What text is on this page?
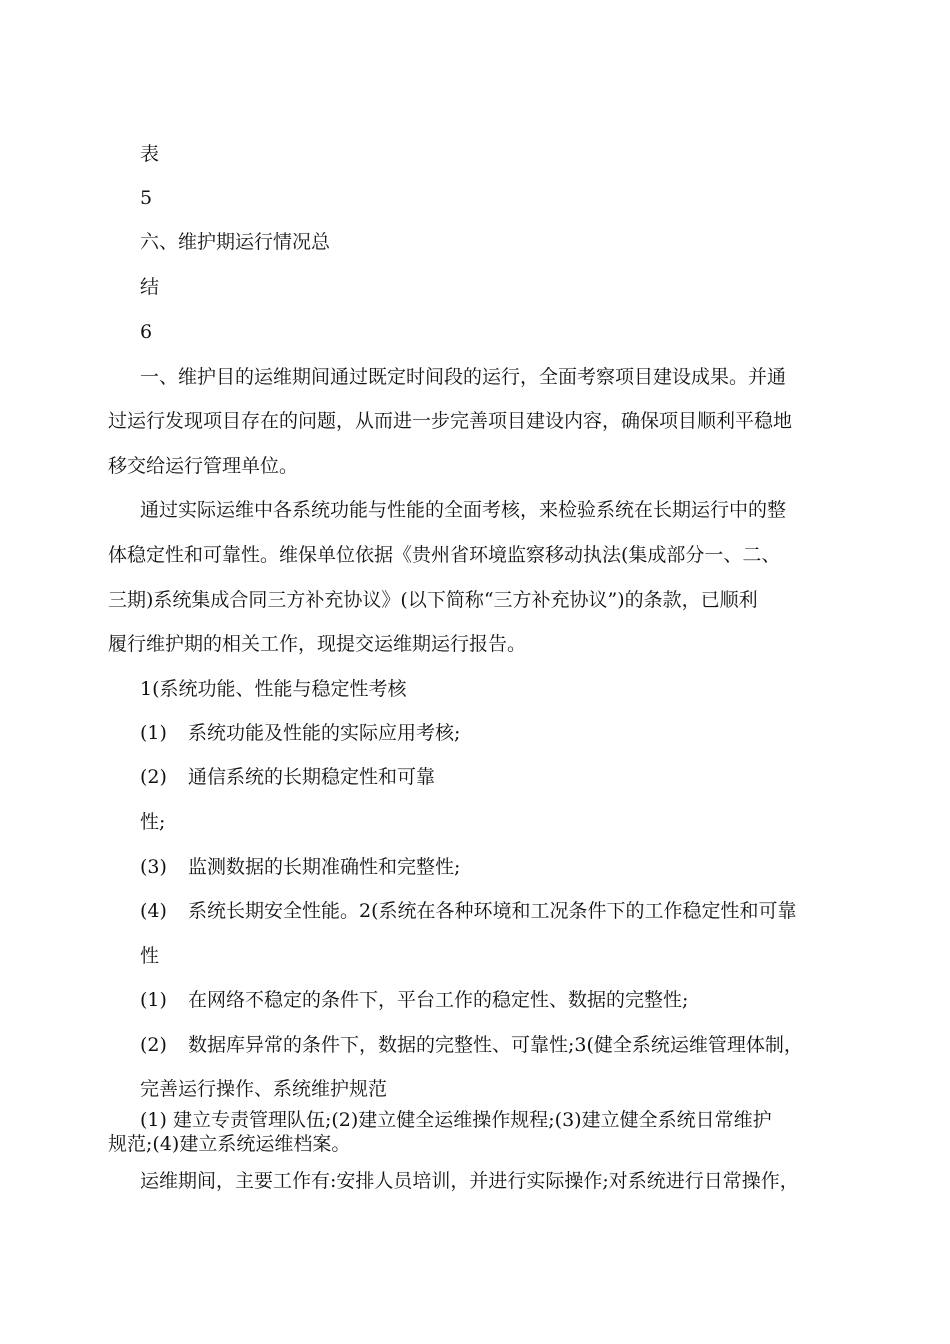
表
5
六、维护期运行情况总
结
6
一、维护目的运维期间通过既定时间段的运行，全面考察项目建设成果。并通
过运行发现项目存在的问题，从而进一步完善项目建设内容，确保项目顺利平稳地
移交给运行管理单位。
通过实际运维中各系统功能与性能的全面考核，来检验系统在长期运行中的整
体稳定性和可靠性。维保单位依据《贵州省环境监察移动执法(集成部分一、二、
三期)系统集成合同三方补充协议》(以下简称“三方补充协议”)的条款，已顺利
履行维护期的相关工作，现提交运维期运行报告。
1(系统功能、性能与稳定性考核
(1) 系统功能及性能的实际应用考核;
(2) 通信系统的长期稳定性和可靠
性;
(3) 监测数据的长期准确性和完整性;
(4) 系统长期安全性能。2(系统在各种环境和工况条件下的工作稳定性和可靠
性
(1) 在网络不稳定的条件下，平台工作的稳定性、数据的完整性;
(2) 数据库异常的条件下，数据的完整性、可靠性;3(健全系统运维管理体制，
完善运行操作、系统维护规范
(1) 建立专责管理队伍;(2)建立健全运维操作规程;(3)建立健全系统日常维护
规范;(4)建立系统运维档案。
运维期间，主要工作有:安排人员培训，并进行实际操作;对系统进行日常操作，
